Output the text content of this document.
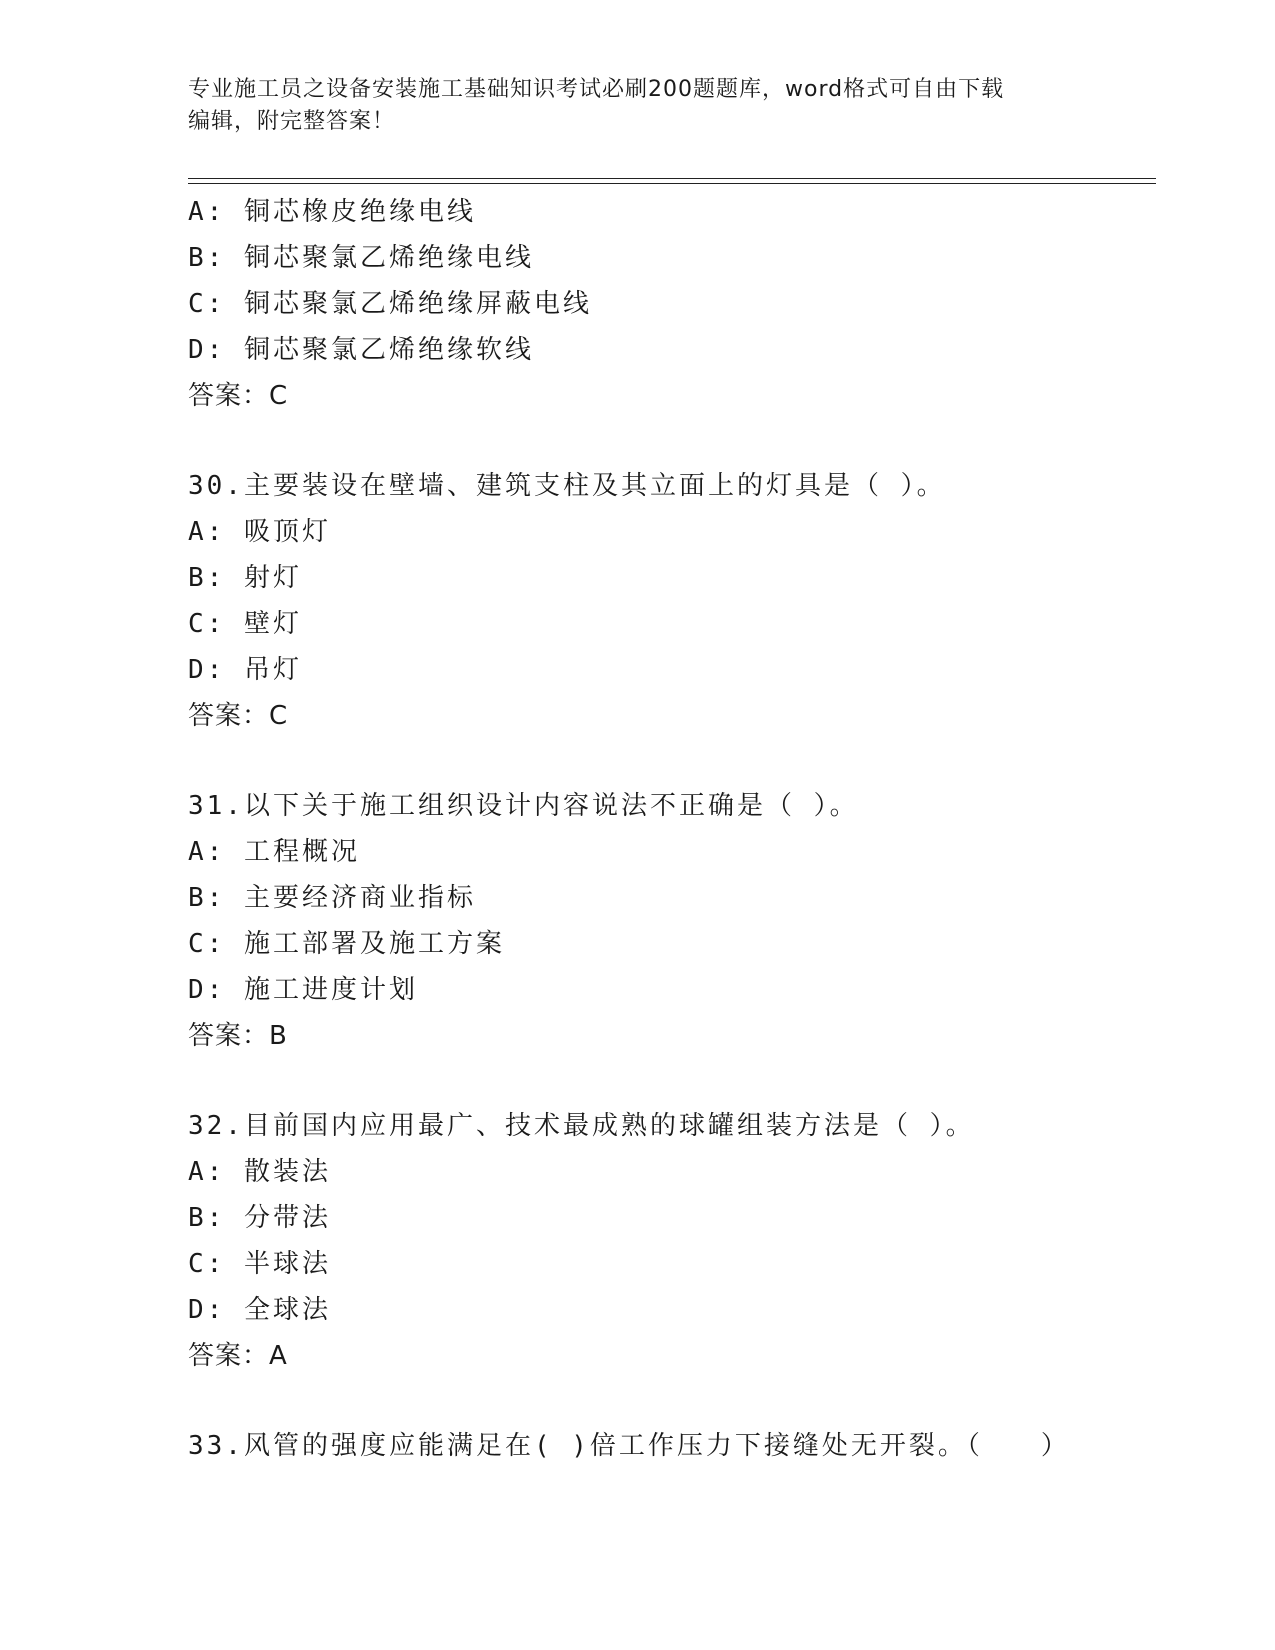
专业施工员之设备安装施工基础知识考试必刷200题题库，word格式可自由下载
编辑，附完整答案！
A: 铜芯橡皮绝缘电线
B: 铜芯聚氯乙烯绝缘电线
C: 铜芯聚氯乙烯绝缘屏蔽电线
D: 铜芯聚氯乙烯绝缘软线
答案：C
30.主要装设在壁墙、建筑支柱及其立面上的灯具是（ ）。
A: 吸顶灯
B: 射灯
C: 壁灯
D: 吊灯
答案：C
31.以下关于施工组织设计内容说法不正确是（ ）。
A: 工程概况
B: 主要经济商业指标
C: 施工部署及施工方案
D: 施工进度计划
答案：B
32.目前国内应用最广、技术最成熟的球罐组装方法是（ ）。
A: 散装法
B: 分带法
C: 半球法
D: 全球法
答案：A
33.风管的强度应能满足在( )倍工作压力下接缝处无开裂。（　　）
